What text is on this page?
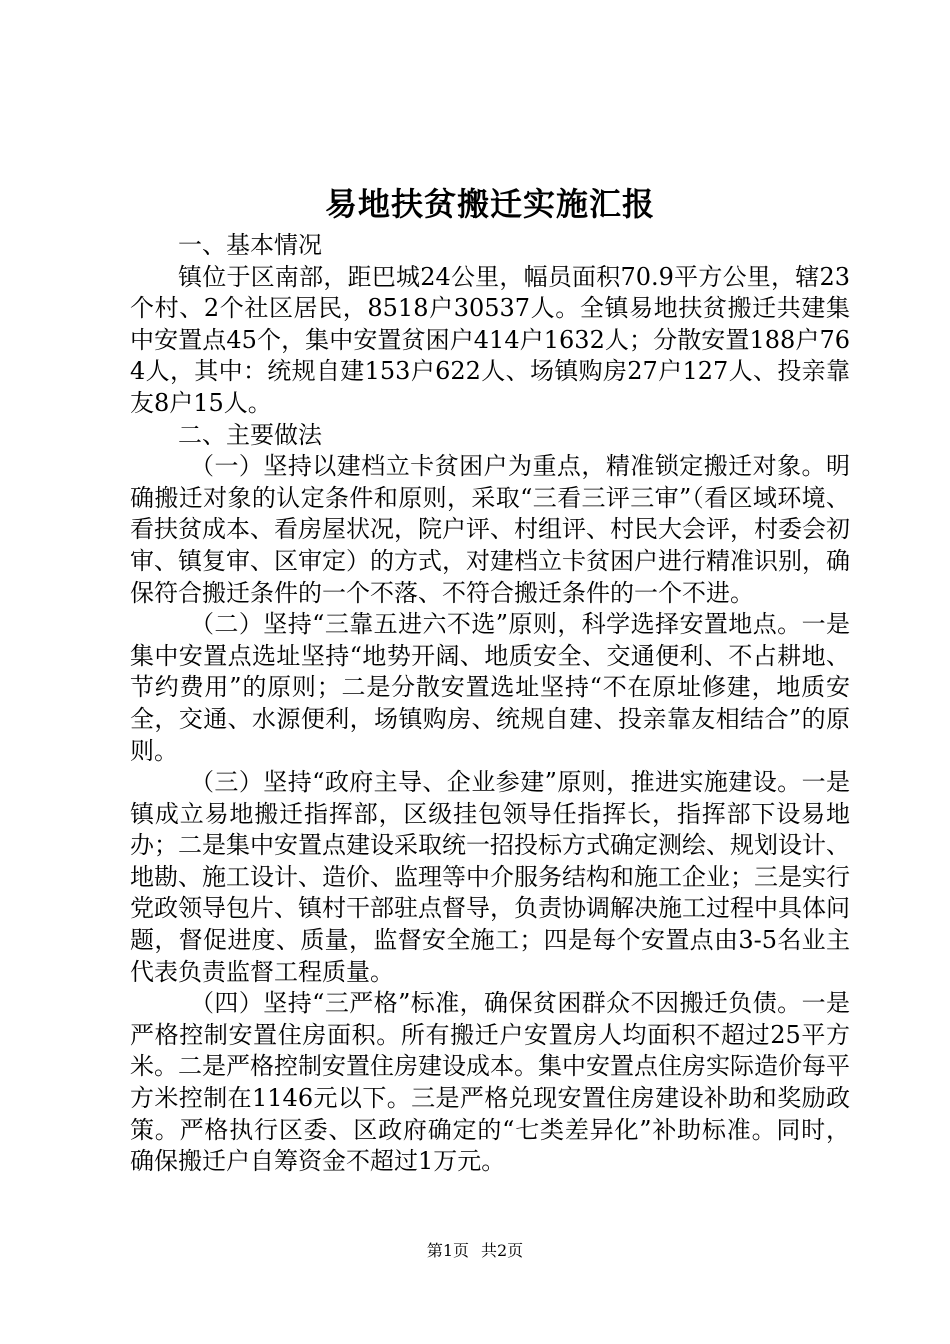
易地扶贫搬迁实施汇报

一、基本情况

镇位于区南部，距巴城24公里，幅员面积70.9平方公里，辖23个村、2个社区居民，8518户30537人。全镇易地扶贫搬迁共建集中安置点45个，集中安置贫困户414户1632人；分散安置188户764人，其中：统规自建153户622人、场镇购房27户127人、投亲靠友8户15人。

二、主要做法

（一）坚持以建档立卡贫困户为重点，精准锁定搬迁对象。明确搬迁对象的认定条件和原则，采取“三看三评三审”（看区域环境、看扶贫成本、看房屋状况，院户评、村组评、村民大会评，村委会初审、镇复审、区审定）的方式，对建档立卡贫困户进行精准识别，确保符合搬迁条件的一个不落、不符合搬迁条件的一个不进。

（二）坚持“三靠五进六不选”原则，科学选择安置地点。一是集中安置点选址坚持“地势开阔、地质安全、交通便利、不占耕地、节约费用”的原则；二是分散安置选址坚持“不在原址修建，地质安全，交通、水源便利，场镇购房、统规自建、投亲靠友相结合”的原则。

（三）坚持“政府主导、企业参建”原则，推进实施建设。一是镇成立易地搬迁指挥部，区级挂包领导任指挥长，指挥部下设易地办；二是集中安置点建设采取统一招投标方式确定测绘、规划设计、地勘、施工设计、造价、监理等中介服务结构和施工企业；三是实行党政领导包片、镇村干部驻点督导，负责协调解决施工过程中具体问题，督促进度、质量，监督安全施工；四是每个安置点由3-5名业主代表负责监督工程质量。

（四）坚持“三严格”标准，确保贫困群众不因搬迁负债。一是严格控制安置住房面积。所有搬迁户安置房人均面积不超过25平方米。二是严格控制安置住房建设成本。集中安置点住房实际造价每平方米控制在1146元以下。三是严格兑现安置住房建设补助和奖励政策。严格执行区委、区政府确定的“七类差异化”补助标准。同时，确保搬迁户自筹资金不超过1万元。

第1页 共2页
